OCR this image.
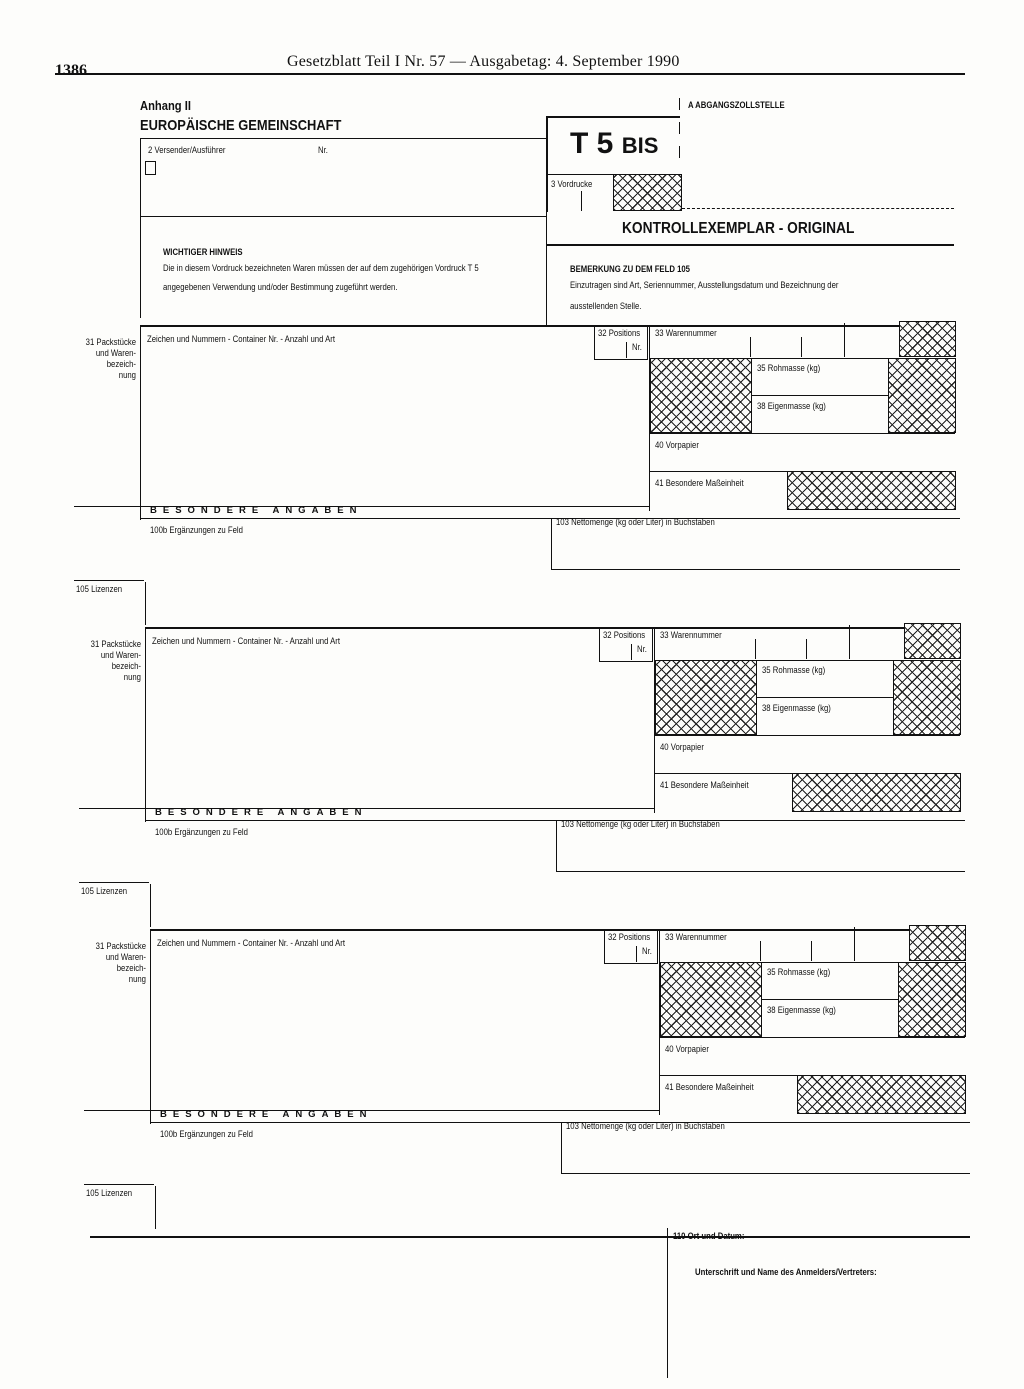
1386
Gesetzblatt Teil I Nr. 57 — Ausgabetag: 4. September 1990
Anhang II
EUROPÄISCHE GEMEINSCHAFT
2 Versender/Ausführer	Nr.
A ABGANGSZOLLSTELLE
T 5 BIS
3 Vordrucke
KONTROLLEXEMPLAR - ORIGINAL
WICHTIGER HINWEIS
Die in diesem Vordruck bezeichneten Waren müssen der auf dem zugehörigen Vordruck T 5
angegebenen Verwendung und/oder Bestimmung zugeführt werden.
BEMERKUNG ZU DEM FELD 105
Einzutragen sind Art, Seriennummer, Ausstellungsdatum und Bezeichnung der
ausstellenden Stelle.
31 Packstücke
und Waren-
bezeich-
nung
Zeichen und Nummern - Container Nr. - Anzahl und Art
32 Positions
Nr.
33 Warennummer
35 Rohmasse (kg)
38 Eigenmasse (kg)
40 Vorpapier
41 Besondere Maßeinheit
BESONDERE ANGABEN
100b Ergänzungen zu Feld
103 Nettomenge (kg oder Liter) in Buchstaben
105 Lizenzen
31 Packstücke
und Waren-
bezeich-
nung
Zeichen und Nummern - Container Nr. - Anzahl und Art
32 Positions
Nr.
33 Warennummer
35 Rohmasse (kg)
38 Eigenmasse (kg)
40 Vorpapier
41 Besondere Maßeinheit
BESONDERE ANGABEN
100b Ergänzungen zu Feld
103 Nettomenge (kg oder Liter) in Buchstaben
105 Lizenzen
31 Packstücke
und Waren-
bezeich-
nung
Zeichen und Nummern - Container Nr. - Anzahl und Art
32 Positions
Nr.
33 Warennummer
35 Rohmasse (kg)
38 Eigenmasse (kg)
40 Vorpapier
41 Besondere Maßeinheit
BESONDERE ANGABEN
100b Ergänzungen zu Feld
103 Nettomenge (kg oder Liter) in Buchstaben
105 Lizenzen
110 Ort und Datum:
Unterschrift und Name des Anmelders/Vertreters:
